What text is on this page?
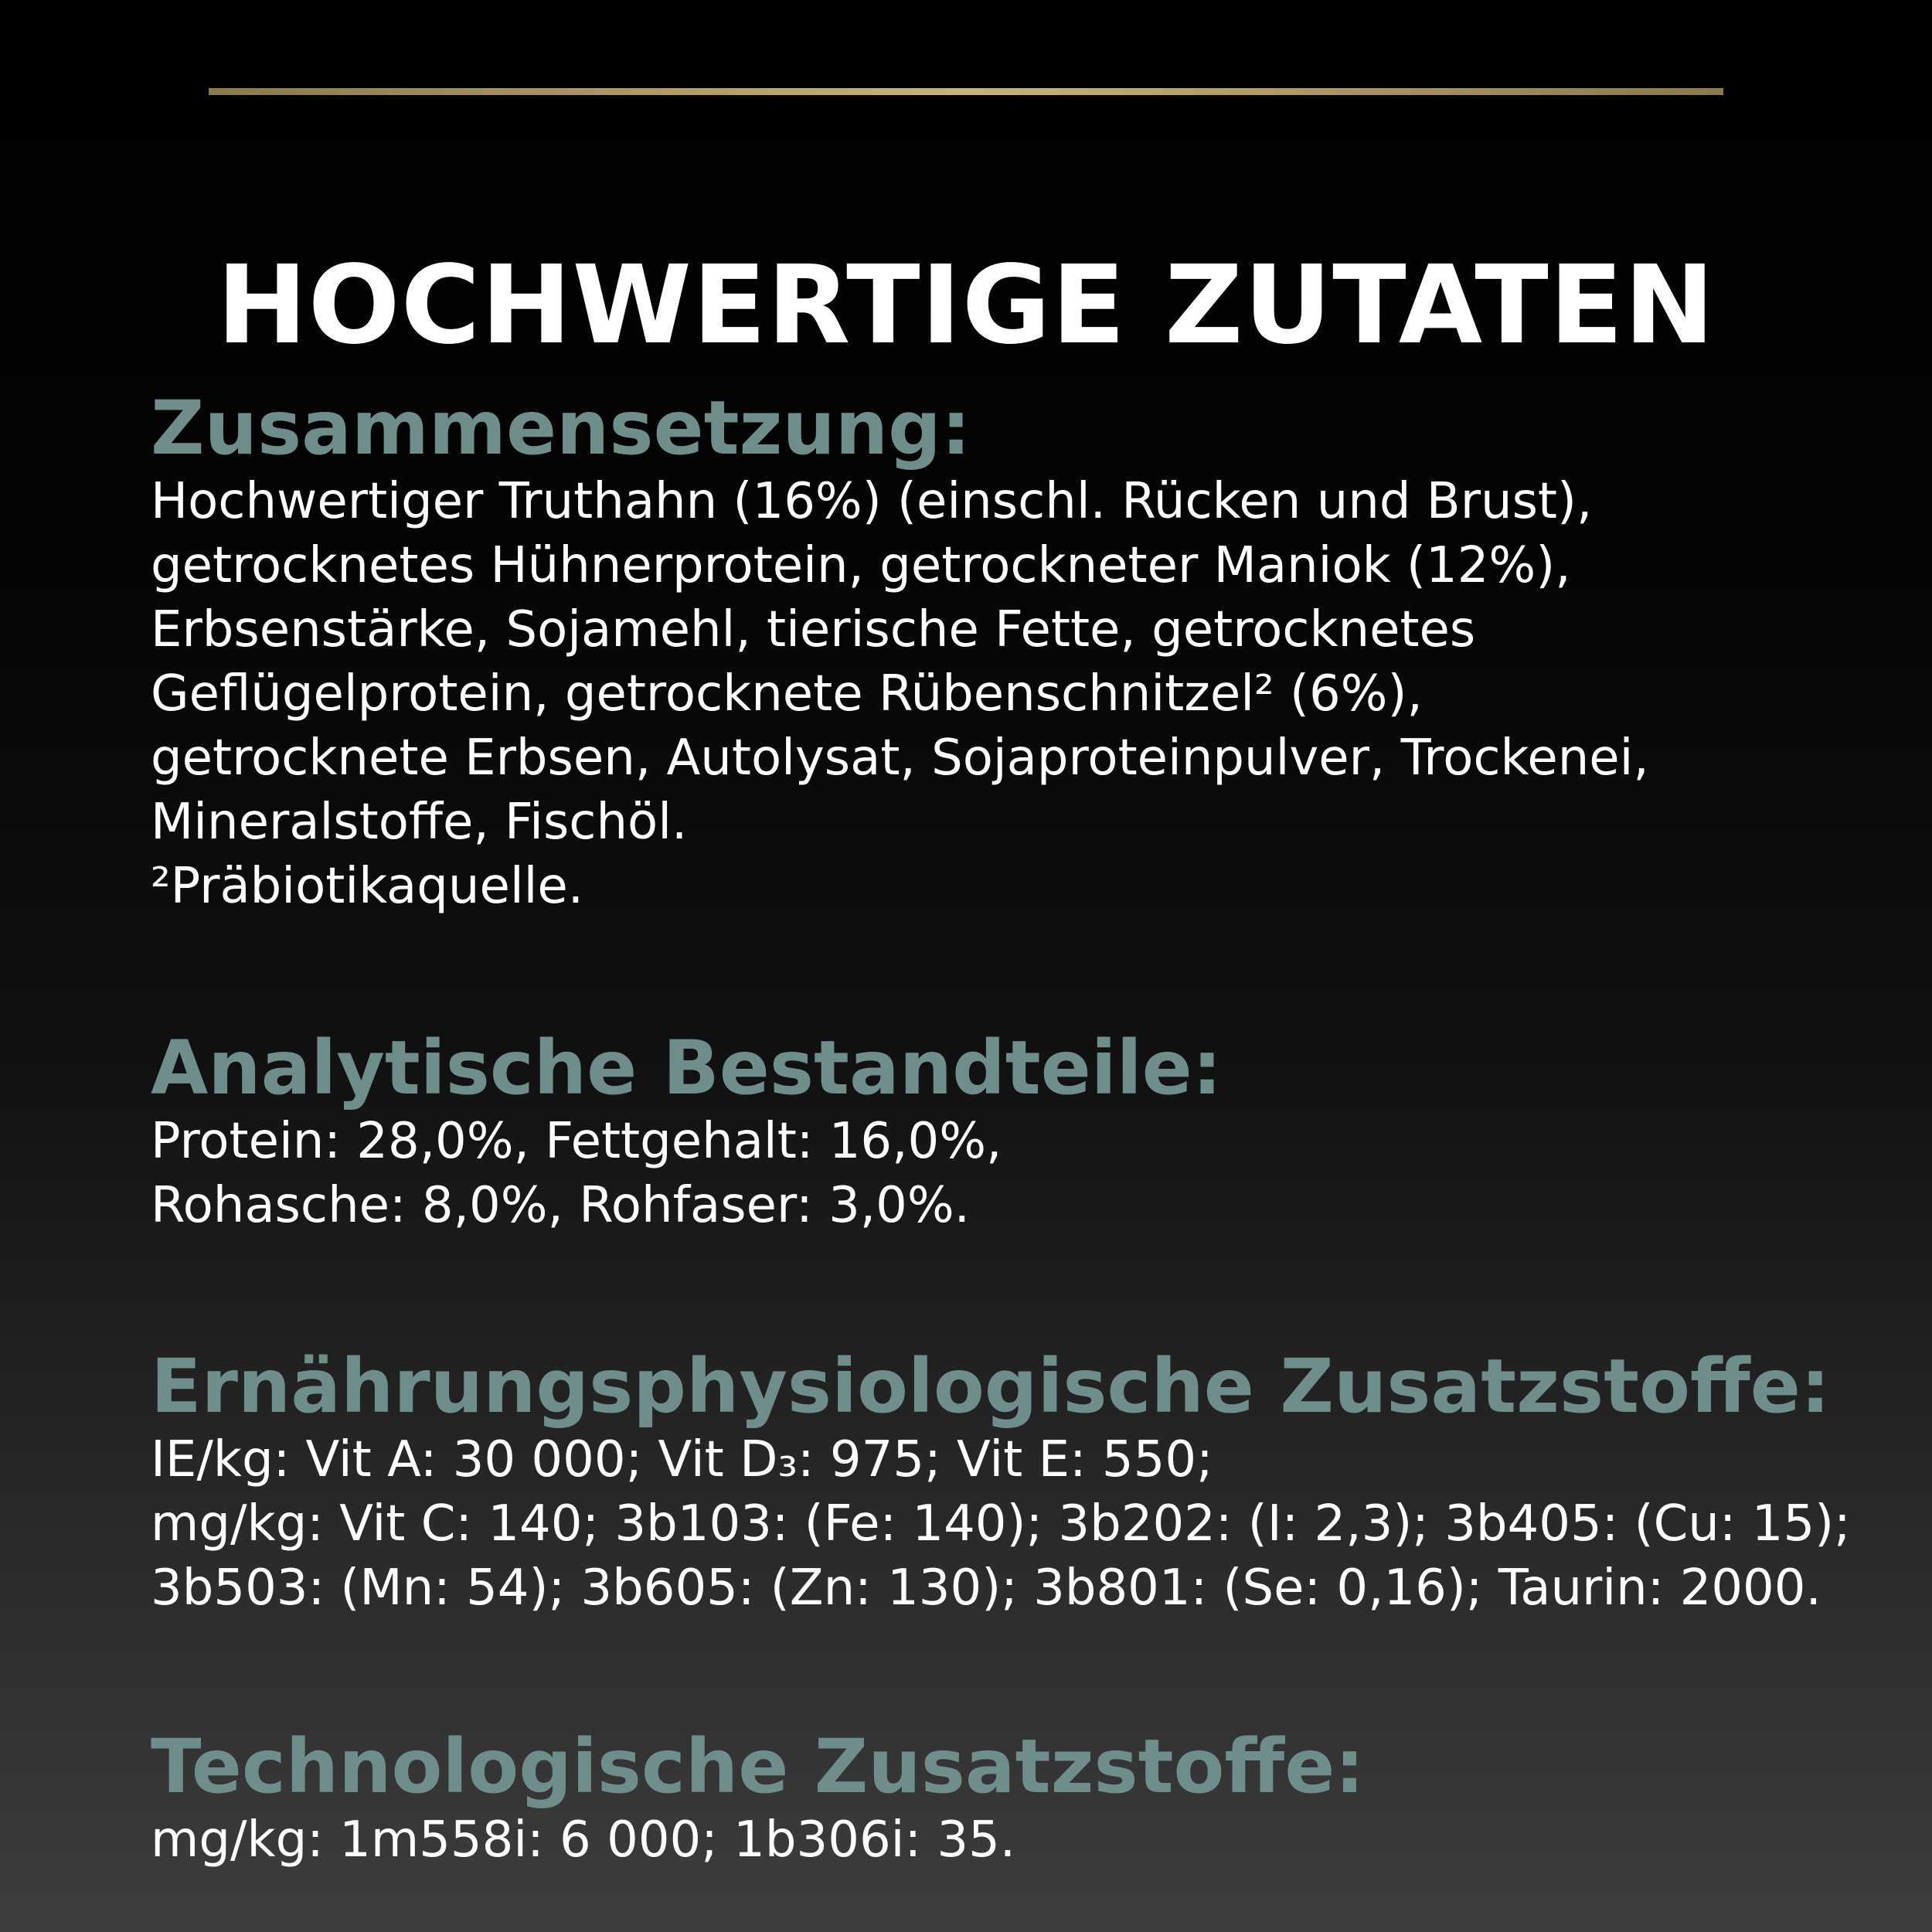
HOCHWERTIGE ZUTATEN
Zusammensetzung:

Hochwertiger Truthahn (16%) (einschl. Rücken und Brust),
getrocknetes Hühnerprotein, getrockneter Maniok (12%),
Erbsenstärke, Sojamehl, tierische Fette, getrocknetes
Geflügelprotein, getrocknete Rübenschnitzel² (6%),
getrocknete Erbsen, Autolysat, Sojaproteinpulver, Trockenei,
Mineralstoffe, Fischöl.
²Präbiotikaquelle.

Analytische Bestandteile:

Protein: 28,0%, Fettgehalt: 16,0%,
Rohasche: 8,0%, Rohfaser: 3,0%.

Ernährungsphysiologische Zusatzstoffe:

IE/kg: Vit A: 30 000; Vit D₃: 975; Vit E: 550;
mg/kg: Vit C: 140; 3b103: (Fe: 140); 3b202: (I: 2,3); 3b405: (Cu: 15);
3b503: (Mn: 54); 3b605: (Zn: 130); 3b801: (Se: 0,16); Taurin: 2000.

Technologische Zusatzstoffe:

mg/kg: 1m558i: 6 000; 1b306i: 35.
